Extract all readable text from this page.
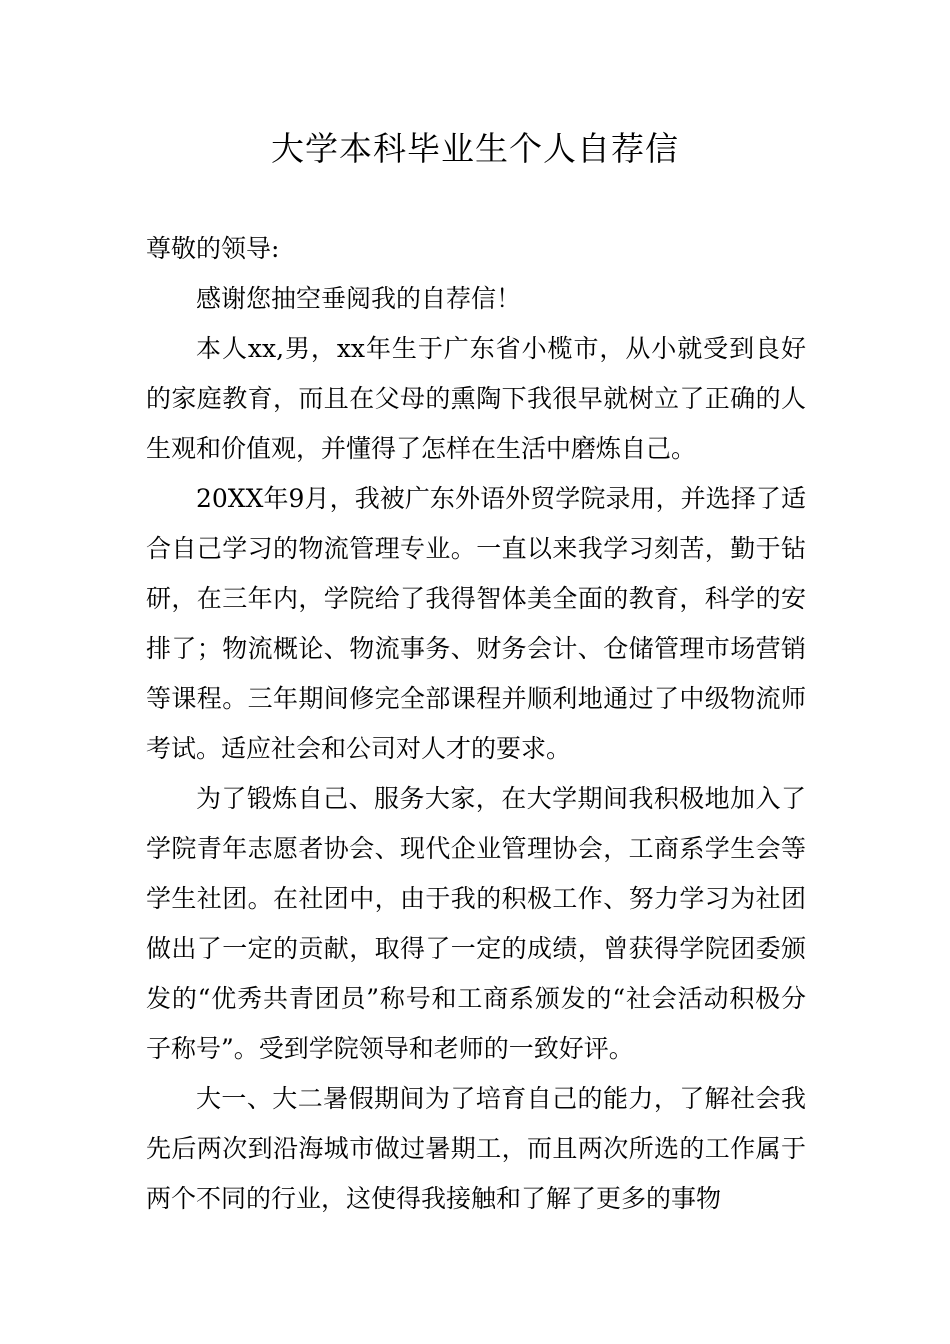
大学本科毕业生个人自荐信

尊敬的领导:

感谢您抽空垂阅我的自荐信！

本人xx,男，xx年生于广东省小榄市，从小就受到良好的家庭教育，而且在父母的熏陶下我很早就树立了正确的人生观和价值观，并懂得了怎样在生活中磨炼自己。

20XX年9月，我被广东外语外贸学院录用，并选择了适合自己学习的物流管理专业。一直以来我学习刻苦，勤于钻研，在三年内，学院给了我得智体美全面的教育，科学的安排了；物流概论、物流事务、财务会计、仓储管理市场营销等课程。三年期间修完全部课程并顺利地通过了中级物流师考试。适应社会和公司对人才的要求。

为了锻炼自己、服务大家，在大学期间我积极地加入了学院青年志愿者协会、现代企业管理协会，工商系学生会等学生社团。在社团中，由于我的积极工作、努力学习为社团做出了一定的贡献，取得了一定的成绩，曾获得学院团委颁发的“优秀共青团员”称号和工商系颁发的“社会活动积极分子称号”。受到学院领导和老师的一致好评。

大一、大二暑假期间为了培育自己的能力，了解社会我先后两次到沿海城市做过暑期工，而且两次所选的工作属于两个不同的行业，这使得我接触和了解了更多的事物
